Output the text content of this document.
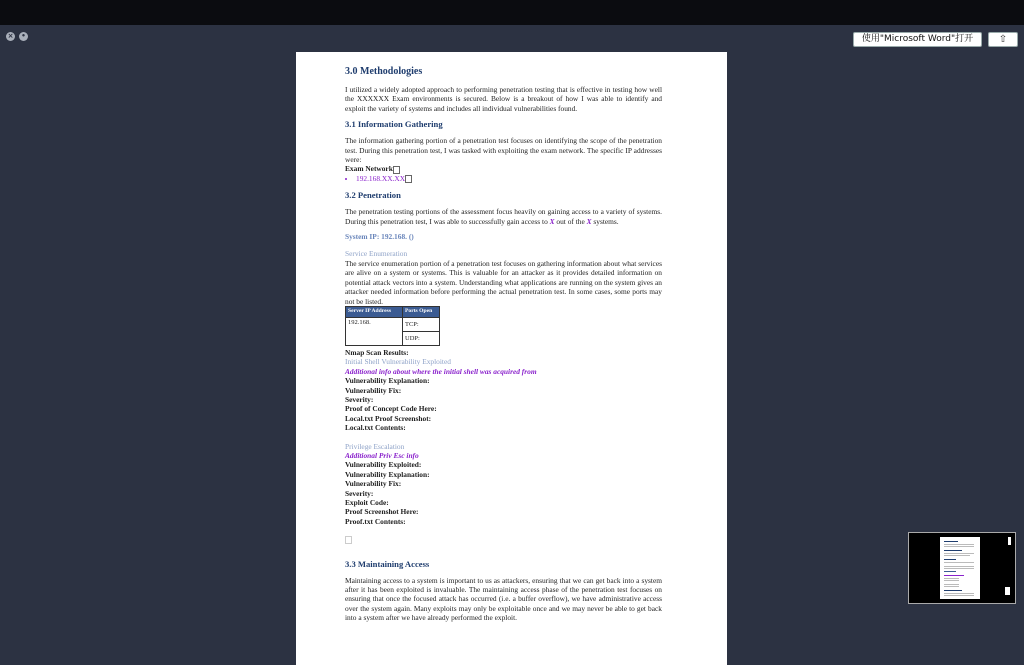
×	•	使用"Microsoft Word"打开	⇧
3.0 Methodologies

I utilized a widely adopted approach to performing penetration testing that is effective in testing how well the XXXXXX Exam environments is secured. Below is a breakout of how I was able to identify and exploit the variety of systems and includes all individual vulnerabilities found.

3.1 Information Gathering

The information gathering portion of a penetration test focuses on identifying the scope of the penetration test. During this penetration test, I was tasked with exploiting the exam network. The specific IP addresses were:

Exam Network
• 192.168.XX.XX
3.2 Penetration

The penetration testing portions of the assessment focus heavily on gaining access to a variety of systems. During this penetration test, I was able to successfully gain access to X out of the X systems.

System IP: 192.168. ()
Service Enumeration

The service enumeration portion of a penetration test focuses on gathering information about what services are alive on a system or systems. This is valuable for an attacker as it provides detailed information on potential attack vectors into a system. Understanding what applications are running on the system gives an attacker needed information before performing the actual penetration test. In some cases, some ports may not be listed.

Server IP Address	Ports Open
192.168.	TCP:
	UDP:
Nmap Scan Results:
Initial Shell Vulnerability Exploited
Additional info about where the initial shell was acquired from
Vulnerability Explanation:
Vulnerability Fix:
Severity:
Proof of Concept Code Here:
Local.txt Proof Screenshot:
Local.txt Contents:
Privilege Escalation
Additional Priv Esc info
Vulnerability Exploited:
Vulnerability Explanation:
Vulnerability Fix:
Severity:
Exploit Code:
Proof Screenshot Here:
Proof.txt Contents:
3.3 Maintaining Access

Maintaining access to a system is important to us as attackers, ensuring that we can get back into a system after it has been exploited is invaluable. The maintaining access phase of the penetration test focuses on ensuring that once the focused attack has occurred (i.e. a buffer overflow), we have administrative access over the system again. Many exploits may only be exploitable once and we may never be able to get back into a system after we have already performed the exploit.
